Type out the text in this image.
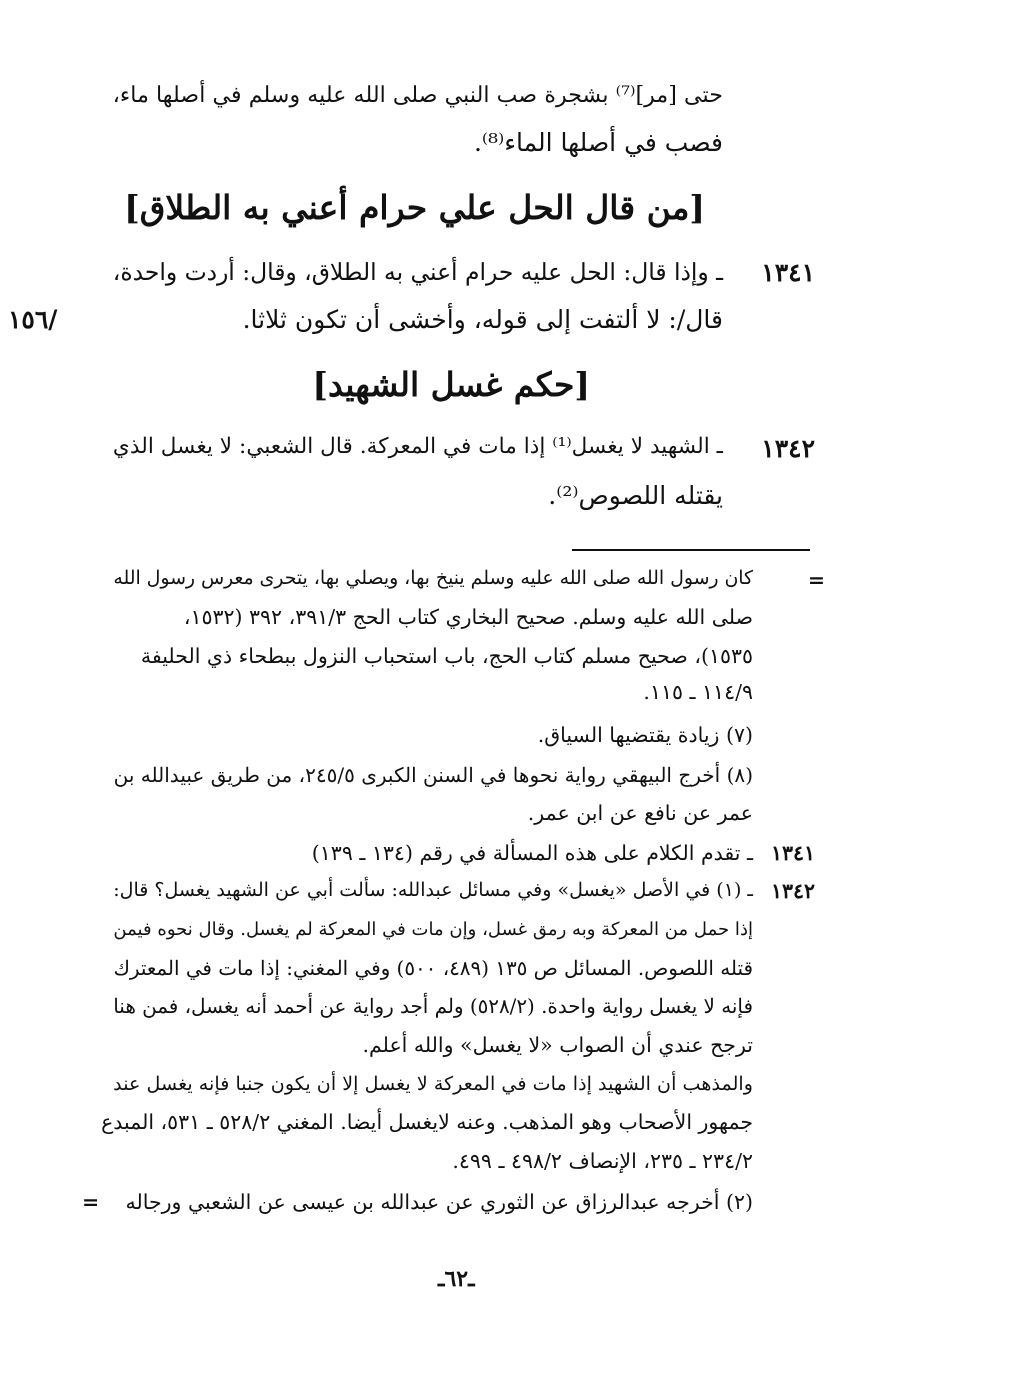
حتى [مر]⁽⁷⁾ بشجرة صب النبي صلى الله عليه وسلم في أصلها ماء،
فصب في أصلها الماء⁽⁸⁾.
[من قال الحل علي حرام أعني به الطلاق]
١٣٤١
ـ وإذا قال: الحل عليه حرام أعني به الطلاق، وقال: أردت واحدة،
قال/: لا ألتفت إلى قوله، وأخشى أن تكون ثلاثا.
١٥٦/
[حكم غسل الشهيد]
١٣٤٢
ـ الشهيد لا يغسل⁽¹⁾ إذا مات في المعركة. قال الشعبي: لا يغسل الذي
يقتله اللصوص⁽²⁾.
=
كان رسول الله صلى الله عليه وسلم ينيخ بها، ويصلي بها، يتحرى معرس رسول الله
صلى الله عليه وسلم. صحيح البخاري كتاب الحج ٣٩١/٣، ٣٩٢ (١٥٣٢،
١٥٣٥)، صحيح مسلم كتاب الحج، باب استحباب النزول ببطحاء ذي الحليفة
١١٤/٩ ـ ١١٥.
(٧) زيادة يقتضيها السياق.
(٨) أخرج البيهقي رواية نحوها في السنن الكبرى ٢٤٥/٥، من طريق عبيدالله بن
عمر عن نافع عن ابن عمر.
١٣٤١
ـ تقدم الكلام على هذه المسألة في رقم (١٣٤ ـ ١٣٩)
١٣٤٢
ـ (١) في الأصل «يغسل» وفي مسائل عبدالله: سألت أبي عن الشهيد يغسل؟ قال:
إذا حمل من المعركة وبه رمق غسل، وإن مات في المعركة لم يغسل. وقال نحوه فيمن
قتله اللصوص. المسائل ص ١٣٥ (٤٨٩، ٥٠٠) وفي المغني: إذا مات في المعترك
فإنه لا يغسل رواية واحدة. (٥٢٨/٢) ولم أجد رواية عن أحمد أنه يغسل، فمن هنا
ترجح عندي أن الصواب «لا يغسل» والله أعلم.
والمذهب أن الشهيد إذا مات في المعركة لا يغسل إلا أن يكون جنبا فإنه يغسل عند
جمهور الأصحاب وهو المذهب. وعنه لايغسل أيضا. المغني ٥٢٨/٢ ـ ٥٣١، المبدع
٢٣٤/٢ ـ ٢٣٥، الإنصاف ٤٩٨/٢ ـ ٤٩٩.
(٢) أخرجه عبدالرزاق عن الثوري عن عبدالله بن عيسى عن الشعبي ورجاله
=
ـ٦٢ـ
